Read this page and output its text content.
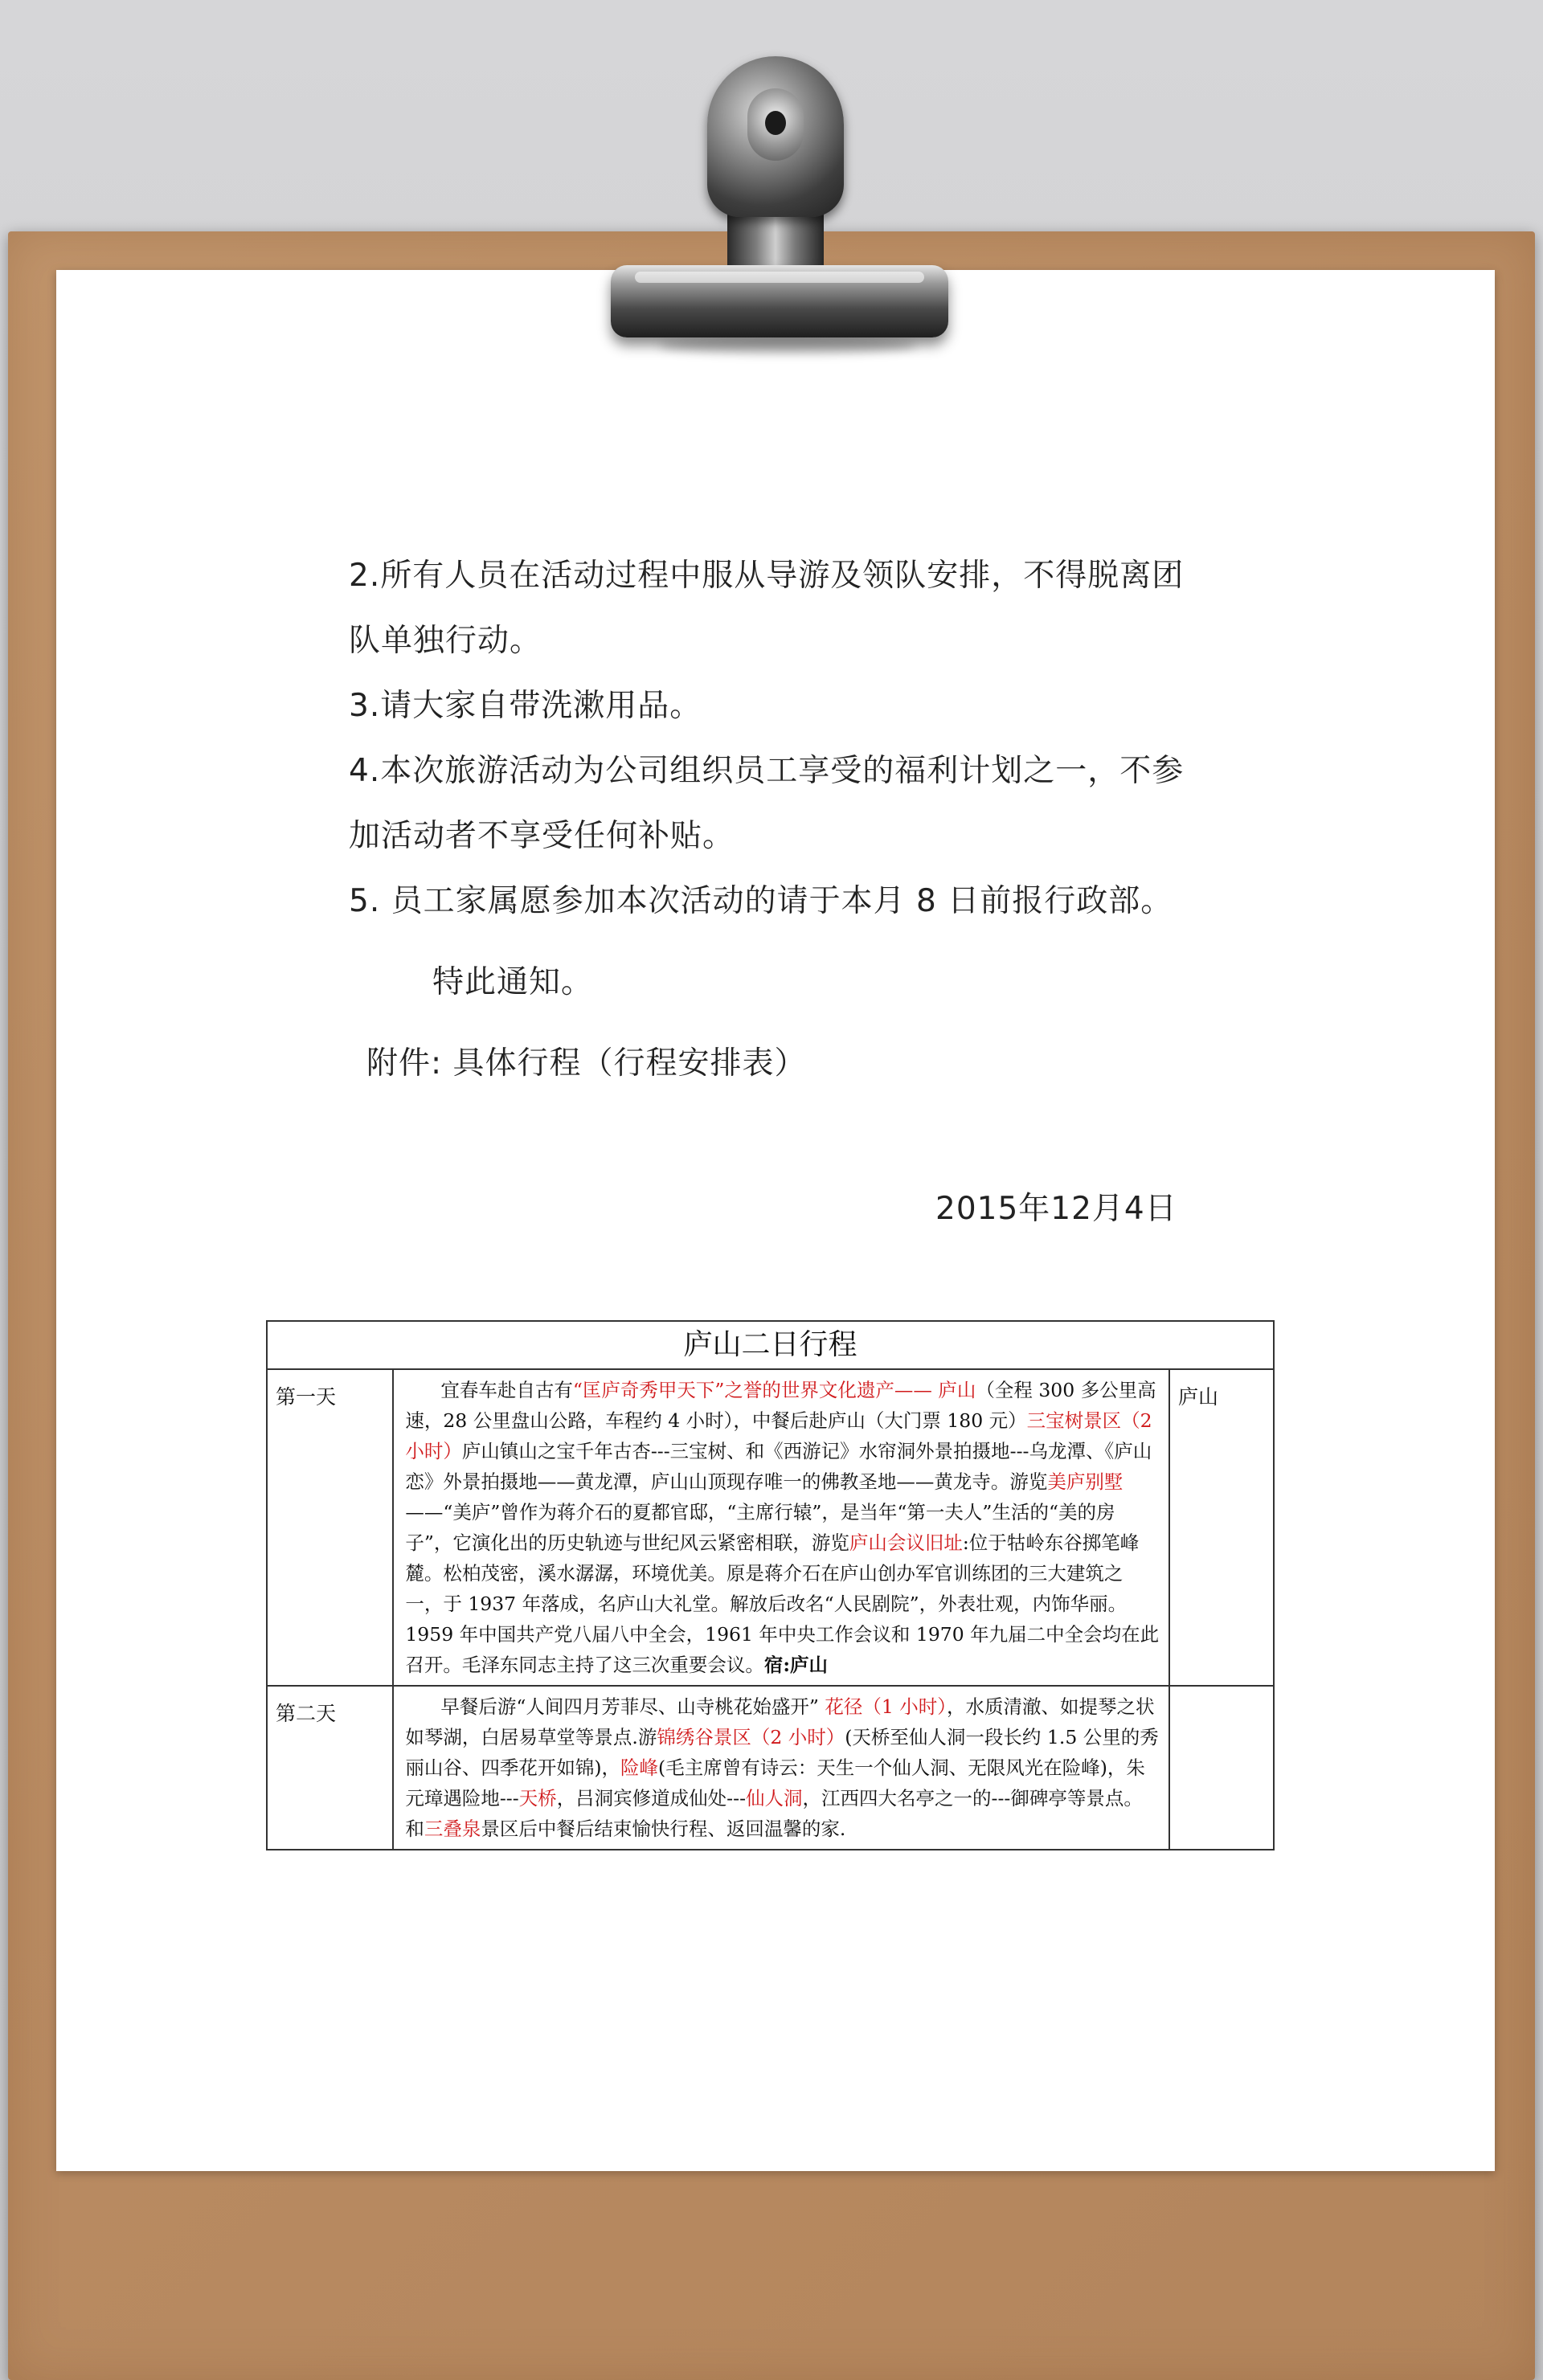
2.所有人员在活动过程中服从导游及领队安排，不得脱离团
队单独行动。
3.请大家自带洗漱用品。
4.本次旅游活动为公司组织员工享受的福利计划之一，不参
加活动者不享受任何补贴。
5. 员工家属愿参加本次活动的请于本月 8 日前报行政部。
特此通知。
附件: 具体行程（行程安排表）
2015年12月4日
庐山二日行程		
第一天	宜春车赴自古有“匡庐奇秀甲天下”之誉的世界文化遗产—— 庐山（全程 300 多公里高速，28 公里盘山公路，车程约 4 小时），中餐后赴庐山（大门票 180 元）三宝树景区（2 小时）庐山镇山之宝千年古杏---三宝树、和《西游记》水帘洞外景拍摄地---乌龙潭、《庐山恋》外景拍摄地——黄龙潭，庐山山顶现存唯一的佛教圣地——黄龙寺。游览美庐别墅——“美庐”曾作为蒋介石的夏都官邸，“主席行辕”，是当年“第一夫人”生活的“美的房子”，它演化出的历史轨迹与世纪风云紧密相联，游览庐山会议旧址:位于牯岭东谷掷笔峰麓。松柏茂密，溪水潺潺，环境优美。原是蒋介石在庐山创办军官训练团的三大建筑之一，于 1937 年落成，名庐山大礼堂。解放后改名“人民剧院”，外表壮观，内饰华丽。1959 年中国共产党八届八中全会，1961 年中央工作会议和 1970 年九届二中全会均在此召开。毛泽东同志主持了这三次重要会议。宿:庐山	庐山
第二天	早餐后游“人间四月芳菲尽、山寺桃花始盛开” 花径（1 小时），水质清澈、如提琴之状如琴湖，白居易草堂等景点.游锦绣谷景区（2 小时）(天桥至仙人洞一段长约 1.5 公里的秀丽山谷、四季花开如锦)，险峰(毛主席曾有诗云：天生一个仙人洞、无限风光在险峰)，朱元璋遇险地---天桥，吕洞宾修道成仙处---仙人洞，江西四大名亭之一的---御碑亭等景点。和三叠泉景区后中餐后结束愉快行程、返回温馨的家.	
